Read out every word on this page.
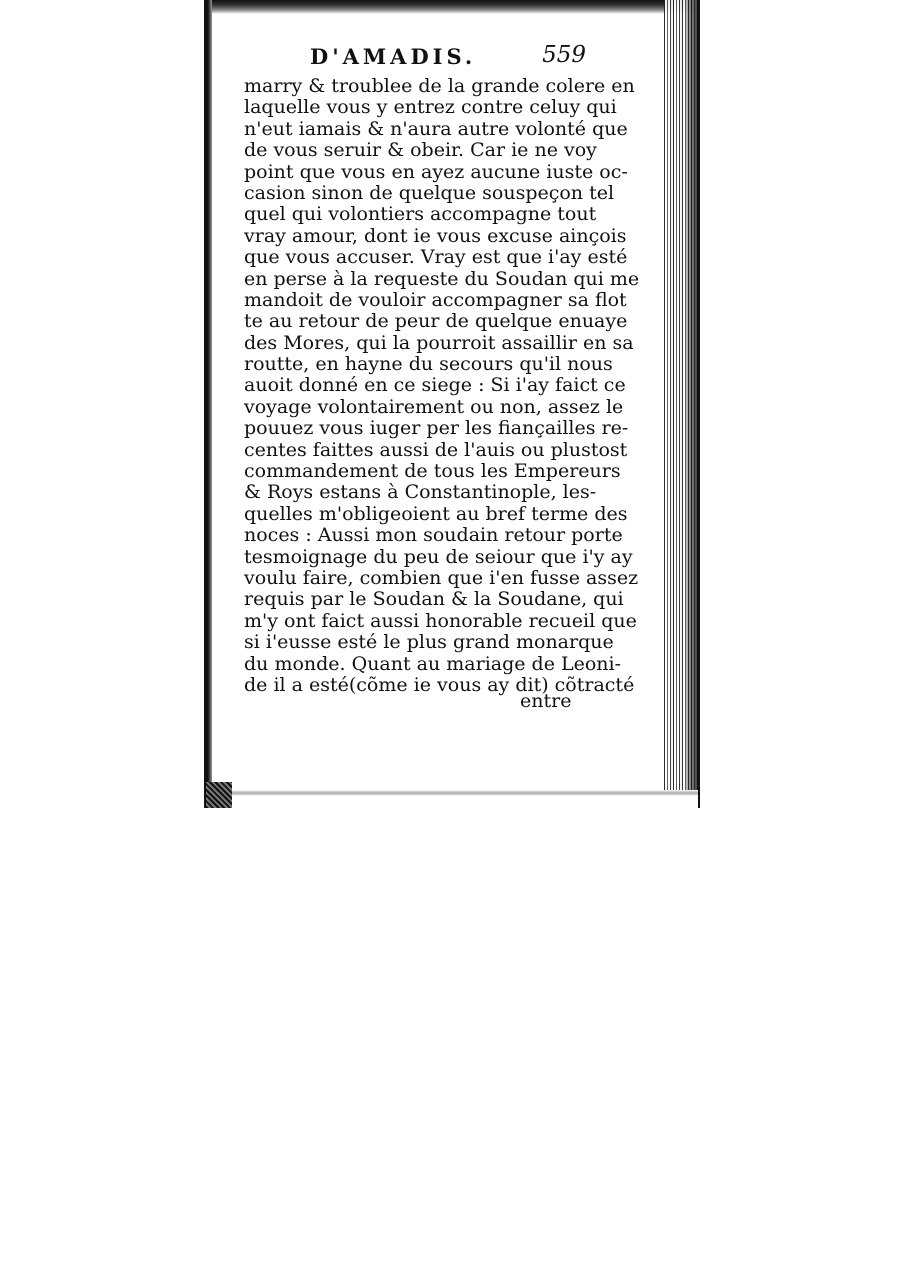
D'AMADIS.	559
marry & troublee de la grande colere en
laquelle vous y entrez contre celuy qui
n'eut iamais & n'aura autre volonté que
de vous seruir & obeir. Car ie ne voy
point que vous en ayez aucune iuste oc-
casion sinon de quelque souspeçon tel
quel qui volontiers accompagne tout
vray amour, dont ie vous excuse ainçois
que vous accuser. Vray est que i'ay esté
en perse à la requeste du Soudan qui me
mandoit de vouloir accompagner sa flot
te au retour de peur de quelque enuaye
des Mores, qui la pourroit assaillir en sa
routte, en hayne du secours qu'il nous
auoit donné en ce siege : Si i'ay faict ce
voyage volontairement ou non, assez le
pouuez vous iuger per les fiançailles re-
centes faittes aussi de l'auis ou plustost
commandement de tous les Empereurs
& Roys estans à Constantinople, les-
quelles m'obligeoient au bref terme des
noces : Aussi mon soudain retour porte
tesmoignage du peu de seiour que i'y ay
voulu faire, combien que i'en fusse assez
requis par le Soudan & la Soudane, qui
m'y ont faict aussi honorable recueil que
si i'eusse esté le plus grand monarque
du monde. Quant au mariage de Leoni-
de il a esté(cõme ie vous ay dit) cõtracté
entre
